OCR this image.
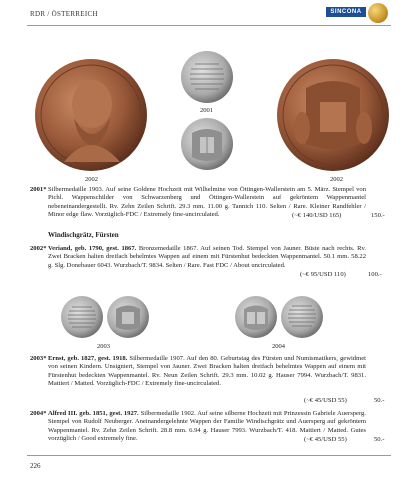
RDR / ÖSTERREICH	SINCONA
2001
2002	2002
2001* Silbermedaille 1903. Auf seine Goldene Hochzeit mit Wilhelmine von Öttingen-Wallerstein am 5. März. Stempel von Pichl. Wappenschilder von Schwarzenberg und Öttingen-Wallerstein auf gekröntem Wappenmantel nebeneinandergestellt. Rv. Zehn Zeilen Schrift. 29.3 mm. 11.00 g. Tannich 110. Selten / Rare. Kleiner Randfehler / Minor edge flaw. Vorzüglich-FDC / Extremely fine-uncirculated.	(~€ 140/USD 165)	150.-
Windischgrätz, Fürsten
2002* Veriand, geb. 1790, gest. 1867. Bronzemedaille 1867. Auf seinen Tod. Stempel von Jauner. Büste nach rechts. Rv. Zwei Bracken halten dreifach behelmtes Wappen auf einem mit Fürstenhut bedeckten Wappenmantel. 50.1 mm. 58.22 g. Slg. Donebauer 6043. Wurzbach/T. 9834. Selten / Rare. Fast FDC / About uncirculated.
(~€ 95/USD 110)	100.-
2003	2004
2003* Ernst, geb. 1827, gest. 1918. Silbermedaille 1907. Auf den 80. Geburtstag des Fürsten und Numismatikers, gewidmet von seinen Kindern. Unsigniert, Stempel von Jauner. Zwei Bracken halten dreifach behelmtes Wappen auf einem mit Fürstenhut bedeckten Wappenmantel. Rv. Neun Zeilen Schrift. 29.3 mm. 10.02 g. Hauser 7994. Wurzbach/T. 9831. Mattiert / Matted. Vorzüglich-FDC / Extremely fine-uncirculated.
(~€ 45/USD 55)	50.-
2004* Alfred III. geb. 1851, gest. 1927. Silbermedaille 1902. Auf seine silberne Hochzeit mit Prinzessin Gabriele Auersperg. Stempel von Rudolf Neuberger. Aneinandergelehnte Wappen der Familie Windischgrätz und Auersperg auf gekröntem Wappenmantel. Rv. Zehn Zeilen Schrift. 28.8 mm. 6.94 g. Hauser 7993. Wurzbach/T. 418. Mattiert / Matted. Gutes vorzüglich / Good extremely fine.	(~€ 45/USD 55)	50.-
226
